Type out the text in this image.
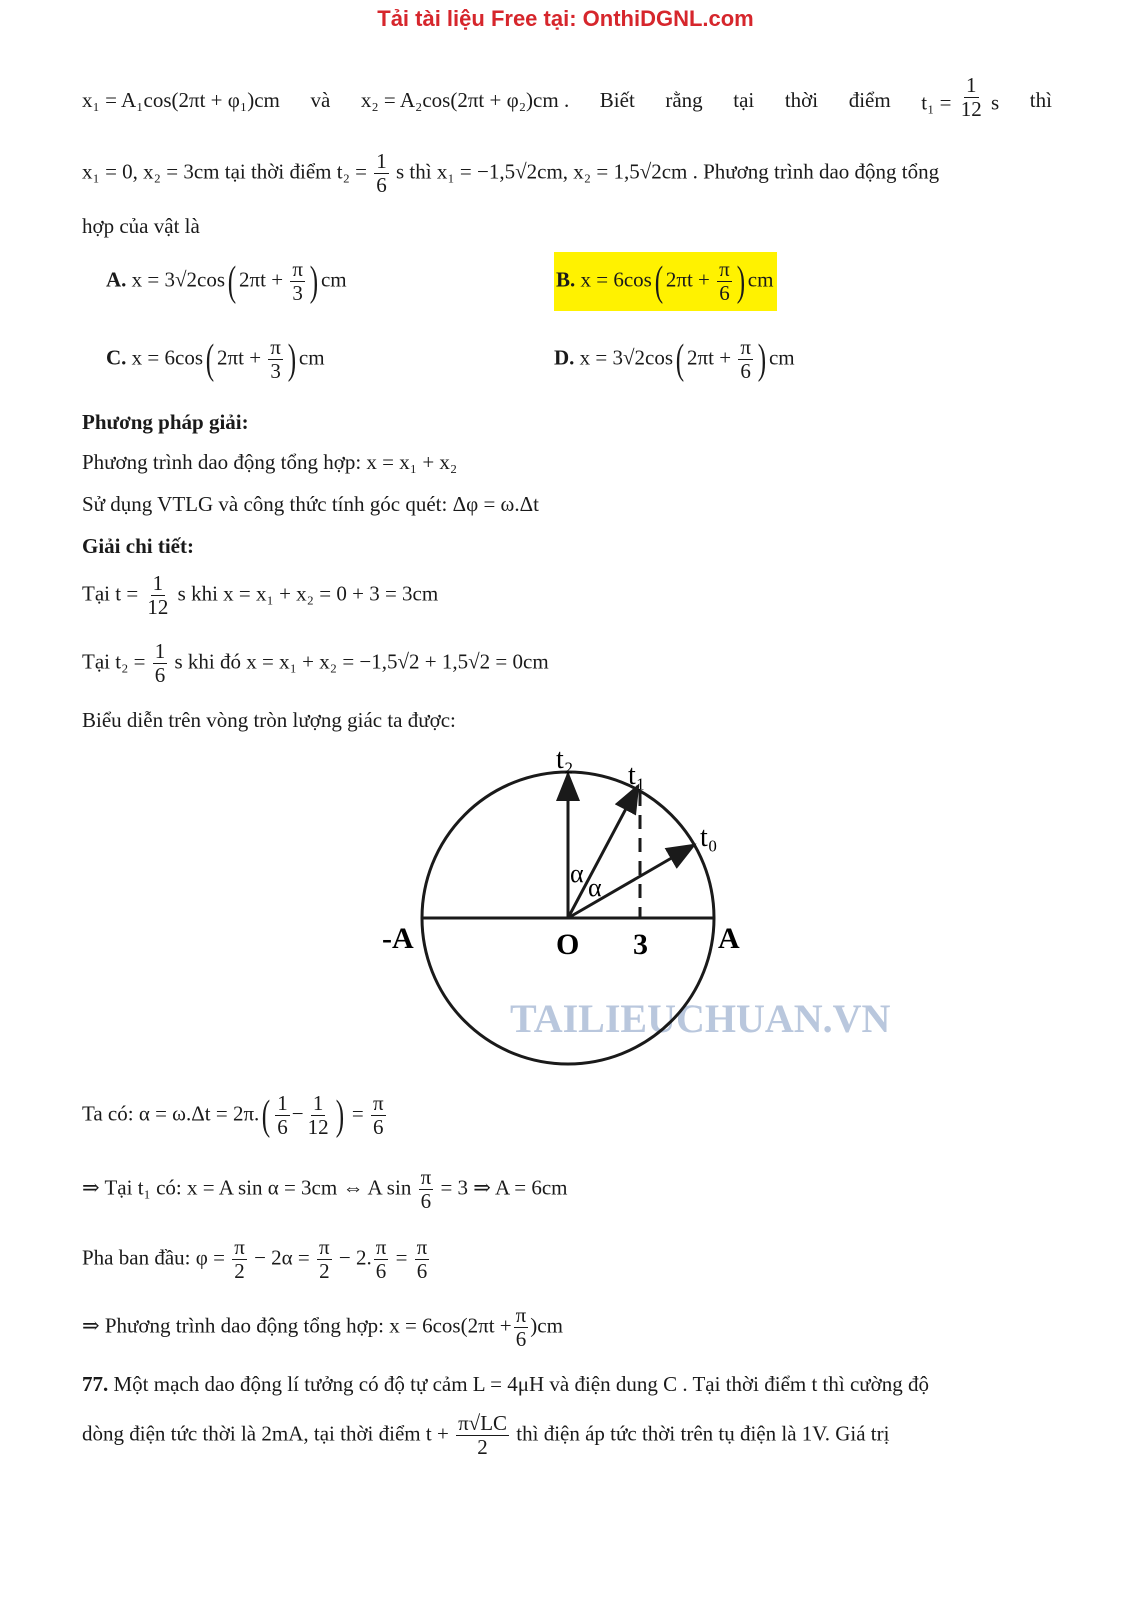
Tải tài liệu Free tại: OnthiDGNL.com
x₁ = A₁cos(2πt + φ₁)cm và x₂ = A₂cos(2πt + φ₂)cm . Biết rằng tại thời điểm $t_1 = \frac{1}{12}$ s thì
x₁ = 0, x₂ = 3cm tại thời điểm $t_2 = \frac{1}{6}$ s thì x₁ = −1,5√2cm, x₂ = 1,5√2cm . Phương trình dao động tổng
hợp của vật là
A. x = 3√2cos( $2\pi t + \frac{\pi}{3}$ ) cm	B. x = 6cos( $2\pi t + \frac{\pi}{6}$ ) cm
C. x = 6cos( $2\pi t + \frac{\pi}{3}$ ) cm	D. x = 3√2cos( $2\pi t + \frac{\pi}{6}$ ) cm
Phương pháp giải:
Phương trình dao động tổng hợp: x = x₁ + x₂
Sử dụng VTLG và công thức tính góc quét: Δφ = ω.Δt
Giải chi tiết:
Tại $t = \frac{1}{12}$ s khi x = x₁ + x₂ = 0 + 3 = 3cm
Tại $t_2 = \frac{1}{6}$ s khi đó x = x₁ + x₂ = −1,5√2 + 1,5√2 = 0cm
Biểu diễn trên vòng tròn lượng giác ta được:
TAILIEUCHUAN.VN
t₂
t₁
t₀
α α
-A	O 3 A
Ta có: $\alpha = \omega.\Delta t = 2\pi.( \frac{1}{6} - \frac{1}{12}$ ) = $\frac{\pi}{6}$
⇒ Tại t₁ có: x = A sin α = 3cm ⇔ A $\sin \frac{\pi}{6} = 3$ ⇒ A = 6cm
Pha ban đầu: $\varphi = \frac{\pi}{2} - 2\alpha = \frac{\pi}{2} - 2$. $\frac{\pi}{6} = \frac{\pi}{6}$
⇒ Phương trình dao động tổng hợp: $x = 6\cos(2\pi t + \frac{\pi}{6} )cm$
77. Một mạch dao động lí tưởng có độ tự cảm L = 4μH và điện dung C . Tại thời điểm t thì cường độ
dòng điện tức thời là 2mA, tại thời điểm $t + \frac{\pi√LC}{2}$ thì điện áp tức thời trên tụ điện là 1V. Giá trị
